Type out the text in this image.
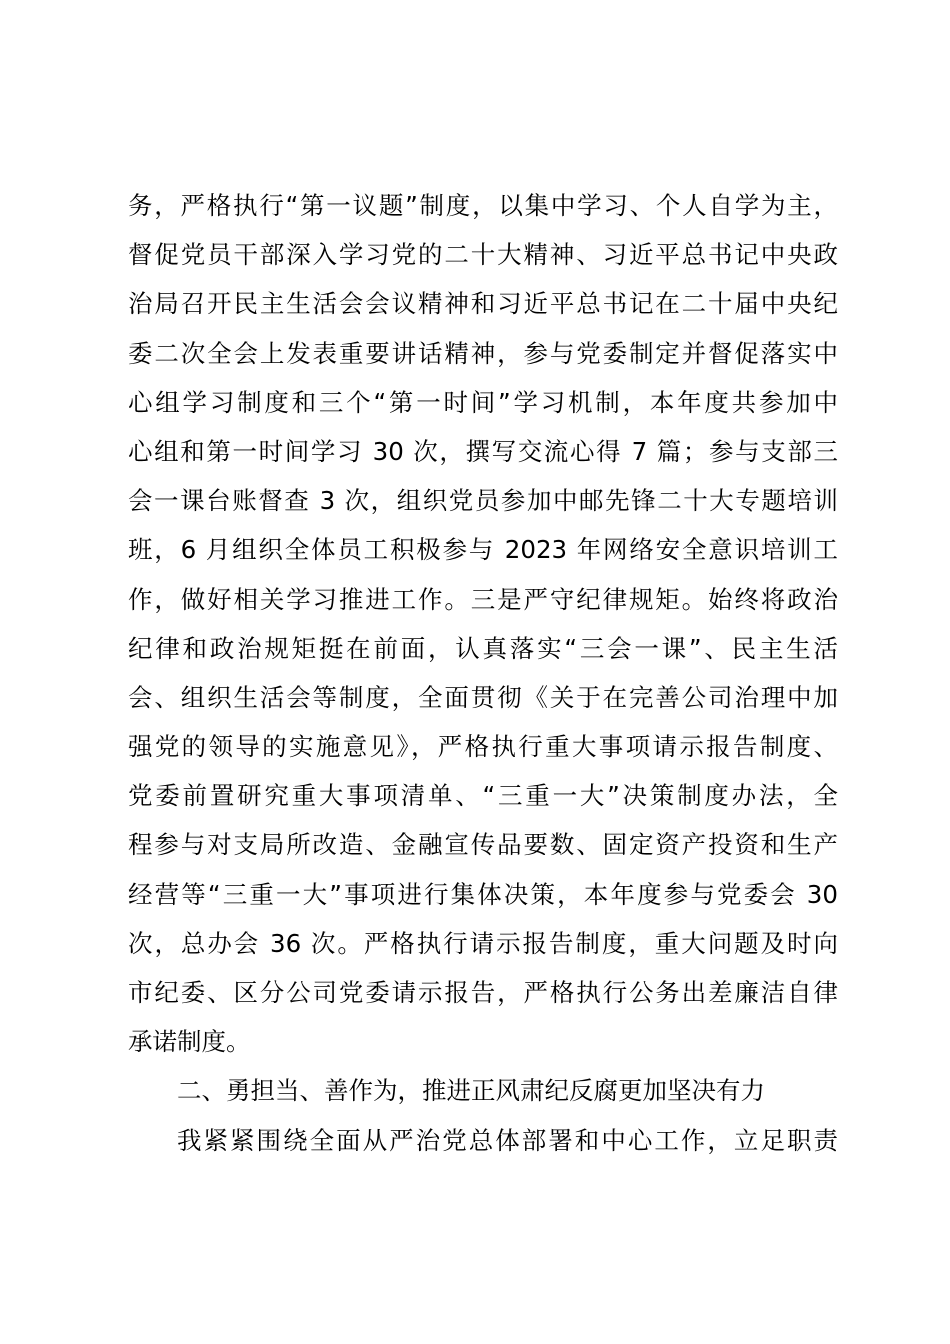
务，严格执行“第一议题”制度，以集中学习、个人自学为主，
督促党员干部深入学习党的二十大精神、习近平总书记中央政
治局召开民主生活会会议精神和习近平总书记在二十届中央纪
委二次全会上发表重要讲话精神，参与党委制定并督促落实中
心组学习制度和三个“第一时间”学习机制，本年度共参加中
心组和第一时间学习 30 次，撰写交流心得 7 篇；参与支部三
会一课台账督查 3 次，组织党员参加中邮先锋二十大专题培训
班，6 月组织全体员工积极参与 2023 年网络安全意识培训工
作，做好相关学习推进工作。三是严守纪律规矩。始终将政治
纪律和政治规矩挺在前面，认真落实“三会一课”、民主生活
会、组织生活会等制度，全面贯彻《关于在完善公司治理中加
强党的领导的实施意见》，严格执行重大事项请示报告制度、
党委前置研究重大事项清单、“三重一大”决策制度办法，全
程参与对支局所改造、金融宣传品要数、固定资产投资和生产
经营等“三重一大”事项进行集体决策，本年度参与党委会 30
次，总办会 36 次。严格执行请示报告制度，重大问题及时向
市纪委、区分公司党委请示报告，严格执行公务出差廉洁自律
承诺制度。
二、勇担当、善作为，推进正风肃纪反腐更加坚决有力
我紧紧围绕全面从严治党总体部署和中心工作，立足职责
